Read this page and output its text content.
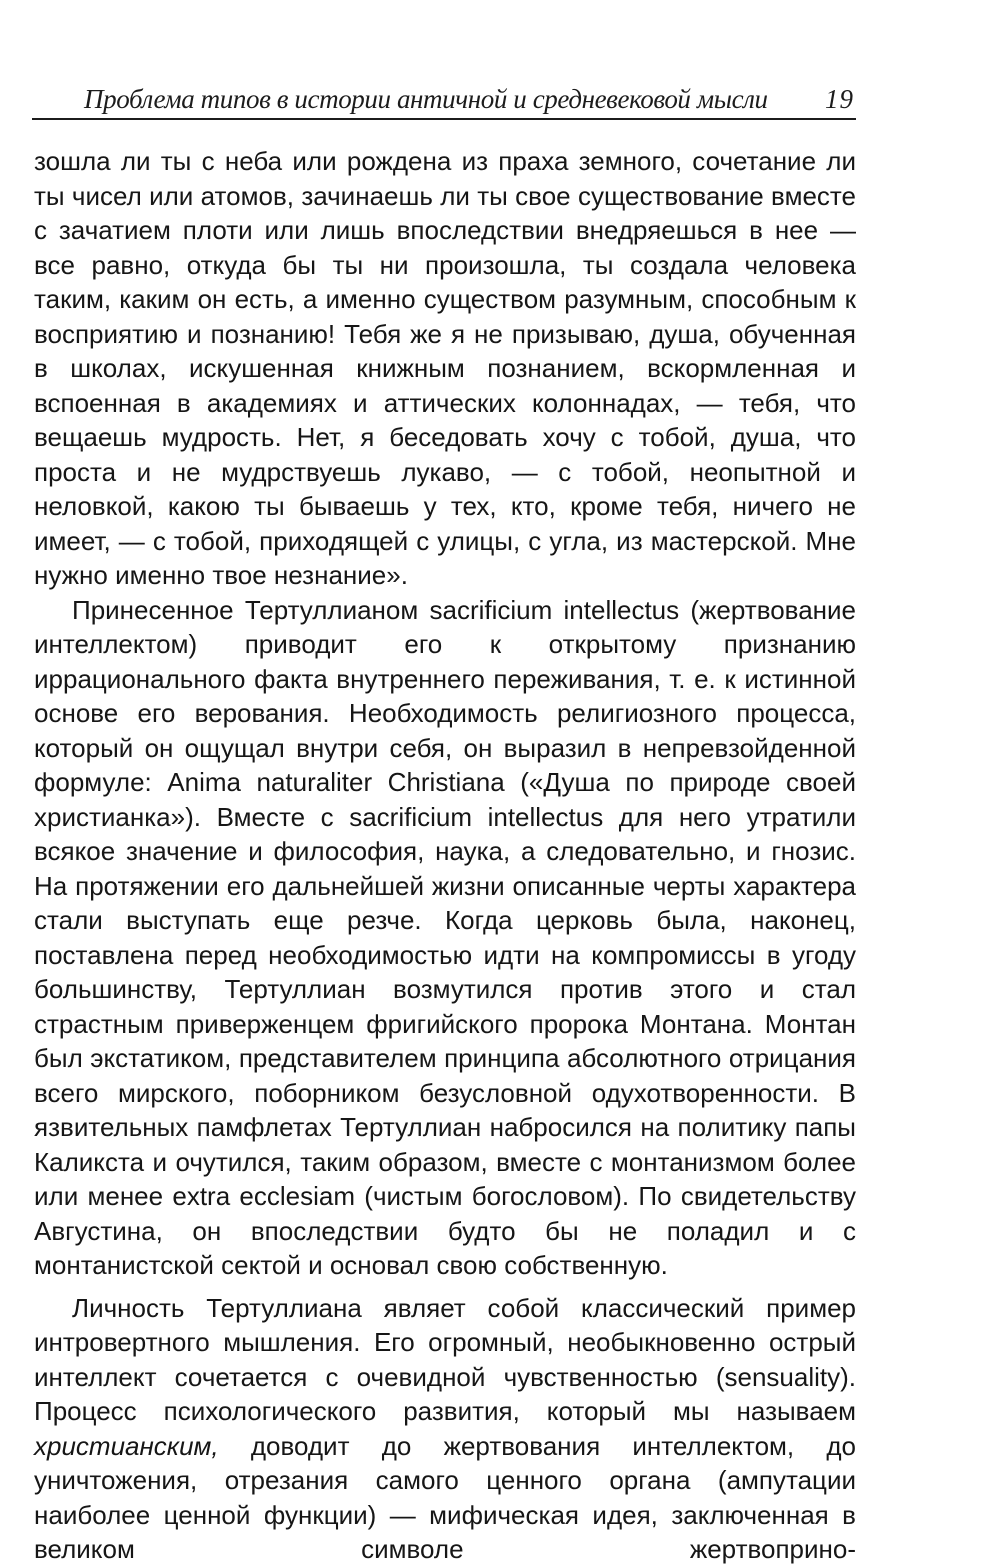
Проблема типов в истории античной и средневековой мысли 19

зошла ли ты с неба или рождена из праха земного, сочетание ли ты чисел или атомов, зачинаешь ли ты свое существование вместе с зачатием плоти или лишь впоследствии внедряешься в нее — все равно, откуда бы ты ни произошла, ты создала человека таким, каким он есть, а именно существом разумным, способным к восприятию и познанию! Тебя же я не призываю, душа, обученная в школах, искушенная книжным познанием, вскормленная и вспоенная в академиях и аттических колоннадах, — тебя, что вещаешь мудрость. Нет, я беседовать хочу с тобой, душа, что проста и не мудрствуешь лукаво, — с тобой, неопытной и неловкой, какою ты бываешь у тех, кто, кроме тебя, ничего не имеет, — с тобой, приходящей с улицы, с угла, из мастерской. Мне нужно именно твое незнание».

Принесенное Тертуллианом sacrificium intellectus (жертвование интеллектом) приводит его к открытому признанию иррационального факта внутреннего переживания, т. е. к истинной основе его верования. Необходимость религиозного процесса, который он ощущал внутри себя, он выразил в непревзойденной формуле: Anima naturaliter Christiana («Душа по природе своей христианка»). Вместе с sacrificium intellectus для него утратили всякое значение и философия, наука, а следовательно, и гнозис. На протяжении его дальнейшей жизни описанные черты характера стали выступать еще резче. Когда церковь была, наконец, поставлена перед необходимостью идти на компромиссы в угоду большинству, Тертуллиан возмутился против этого и стал страстным приверженцем фригийского пророка Монтана. Монтан был экстатиком, представителем принципа абсолютного отрицания всего мирского, поборником безусловной одухотворенности. В язвительных памфлетах Тертуллиан набросился на политику папы Каликста и очутился, таким образом, вместе с монтанизмом более или менее extra ecclesiam (чистым богословом). По свидетельству Августина, он впоследствии будто бы не поладил и с монтанистской сектой и основал свою собственную.

Личность Тертуллиана являет собой классический пример интровертного мышления. Его огромный, необыкновенно острый интеллект сочетается с очевидной чувственностью (sensuality). Процесс психологического развития, который мы называем христианским, доводит до жертвования интеллектом, до уничтожения, отрезания самого ценного органа (ампутации наиболее ценной функции) — мифическая идея, заключенная в великом символе жертвоприно-
